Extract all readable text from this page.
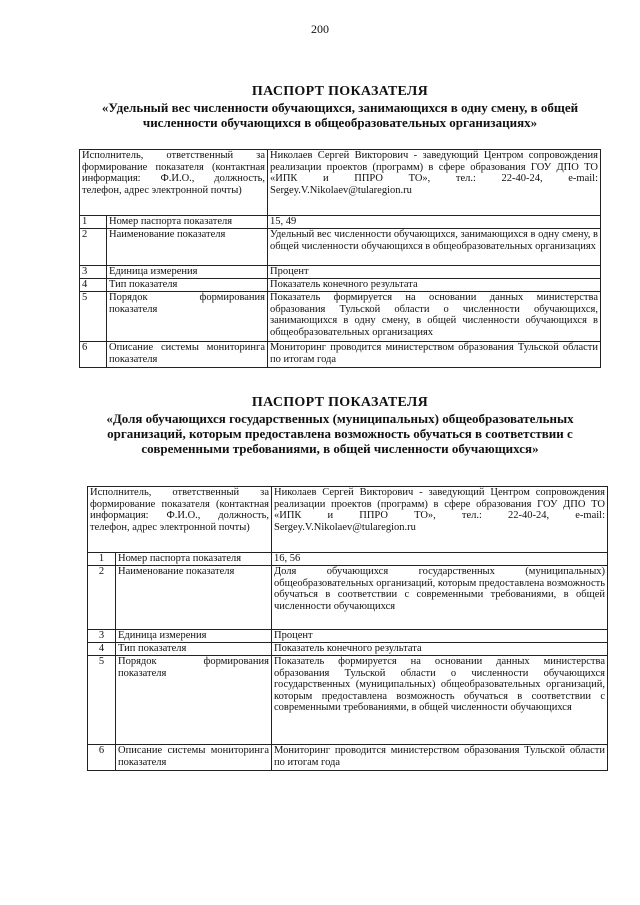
200
ПАСПОРТ ПОКАЗАТЕЛЯ
«Удельный вес численности обучающихся, занимающихся в одну смену, в общей численности обучающихся в общеобразовательных организациях»
Исполнитель, ответственный за формирование показателя (контактная информация: Ф.И.О., должность, телефон, адрес электронной почты)		Николаев Сергей Викторович - заведующий Центром сопровождения реализации проектов (программ) в сфере образования ГОУ ДПО ТО «ИПК и ППРО ТО», тел.: 22-40-24, e-mail: Sergey.V.Nikolaev@tularegion.ru
1	Номер паспорта показателя	15, 49
2	Наименование показателя	Удельный вес численности обучающихся, занимающихся в одну смену, в общей численности обучающихся в общеобразовательных организациях
3	Единица измерения	Процент
4	Тип показателя	Показатель конечного результата
5	Порядок формирования показателя	Показатель формируется на основании данных министерства образования Тульской области о численности обучающихся, занимающихся в одну смену, в общей численности обучающихся в общеобразовательных организациях
6	Описание системы мониторинга показателя	Мониторинг проводится министерством образования Тульской области по итогам года
ПАСПОРТ ПОКАЗАТЕЛЯ
«Доля обучающихся государственных (муниципальных) общеобразовательных организаций, которым предоставлена возможность обучаться в соответствии с современными требованиями, в общей численности обучающихся»
Исполнитель, ответственный за формирование показателя (контактная информация: Ф.И.О., должность, телефон, адрес электронной почты)		Николаев Сергей Викторович - заведующий Центром сопровождения реализации проектов (программ) в сфере образования ГОУ ДПО ТО «ИПК и ППРО ТО», тел.: 22-40-24, e-mail: Sergey.V.Nikolaev@tularegion.ru
1	Номер паспорта показателя	16, 56
2	Наименование показателя	Доля обучающихся государственных (муниципальных) общеобразовательных организаций, которым предоставлена возможность обучаться в соответствии с современными требованиями, в общей численности обучающихся
3	Единица измерения	Процент
4	Тип показателя	Показатель конечного результата
5	Порядок формирования показателя	Показатель формируется на основании данных министерства образования Тульской области о численности обучающихся государственных (муниципальных) общеобразовательных организаций, которым предоставлена возможность обучаться в соответствии с современными требованиями, в общей численности обучающихся
6	Описание системы мониторинга показателя	Мониторинг проводится министерством образования Тульской области по итогам года
